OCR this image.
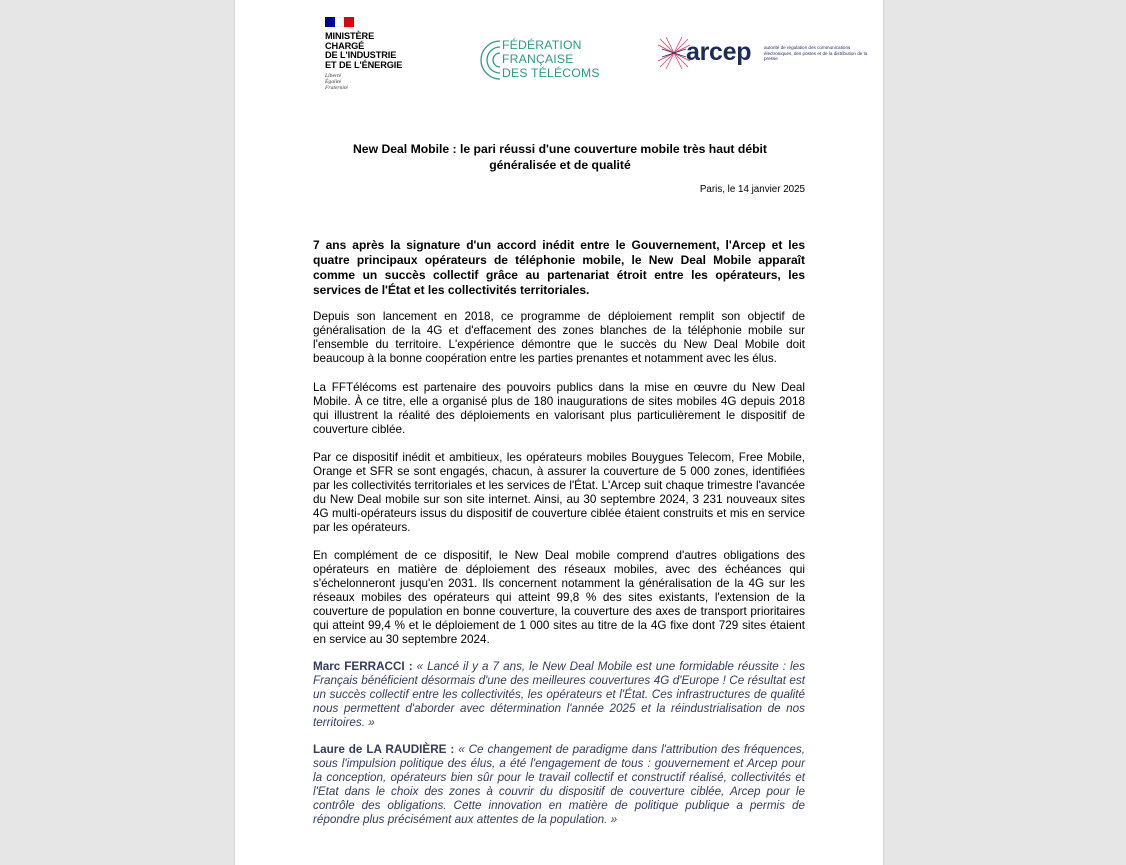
MINISTÈRE
CHARGÉ
DE L'INDUSTRIE
ET DE L'ÉNERGIE
Liberté
Égalité
Fraternité
FÉDÉRATION
FRANÇAISE
DES TÉLÉCOMS
arcep	autorité de régulation des communications électroniques, des postes et de la distribution de la presse

New Deal Mobile : le pari réussi d'une couverture mobile très haut débit généralisée et de qualité

Paris, le 14 janvier 2025

7 ans après la signature d'un accord inédit entre le Gouvernement, l'Arcep et les quatre principaux opérateurs de téléphonie mobile, le New Deal Mobile apparaît comme un succès collectif grâce au partenariat étroit entre les opérateurs, les services de l'État et les collectivités territoriales.

Depuis son lancement en 2018, ce programme de déploiement remplit son objectif de généralisation de la 4G et d'effacement des zones blanches de la téléphonie mobile sur l'ensemble du territoire. L'expérience démontre que le succès du New Deal Mobile doit beaucoup à la bonne coopération entre les parties prenantes et notamment avec les élus.

La FFTélécoms est partenaire des pouvoirs publics dans la mise en œuvre du New Deal Mobile. À ce titre, elle a organisé plus de 180 inaugurations de sites mobiles 4G depuis 2018 qui illustrent la réalité des déploiements en valorisant plus particulièrement le dispositif de couverture ciblée.

Par ce dispositif inédit et ambitieux, les opérateurs mobiles Bouygues Telecom, Free Mobile, Orange et SFR se sont engagés, chacun, à assurer la couverture de 5 000 zones, identifiées par les collectivités territoriales et les services de l'État. L'Arcep suit chaque trimestre l'avancée du New Deal mobile sur son site internet. Ainsi, au 30 septembre 2024, 3 231 nouveaux sites 4G multi-opérateurs issus du dispositif de couverture ciblée étaient construits et mis en service par les opérateurs.

En complément de ce dispositif, le New Deal mobile comprend d'autres obligations des opérateurs en matière de déploiement des réseaux mobiles, avec des échéances qui s'échelonneront jusqu'en 2031. Ils concernent notamment la généralisation de la 4G sur les réseaux mobiles des opérateurs qui atteint 99,8 % des sites existants, l'extension de la couverture de population en bonne couverture, la couverture des axes de transport prioritaires qui atteint 99,4 % et le déploiement de 1 000 sites au titre de la 4G fixe dont 729 sites étaient en service au 30 septembre 2024.

Marc FERRACCI : « Lancé il y a 7 ans, le New Deal Mobile est une formidable réussite : les Français bénéficient désormais d'une des meilleures couvertures 4G d'Europe ! Ce résultat est un succès collectif entre les collectivités, les opérateurs et l'État. Ces infrastructures de qualité nous permettent d'aborder avec détermination l'année 2025 et la réindustrialisation de nos territoires. »

Laure de LA RAUDIÈRE : « Ce changement de paradigme dans l'attribution des fréquences, sous l'impulsion politique des élus, a été l'engagement de tous : gouvernement et Arcep pour la conception, opérateurs bien sûr pour le travail collectif et constructif réalisé, collectivités et l'Etat dans le choix des zones à couvrir du dispositif de couverture ciblée, Arcep pour le contrôle des obligations. Cette innovation en matière de politique publique a permis de répondre plus précisément aux attentes de la population. »
